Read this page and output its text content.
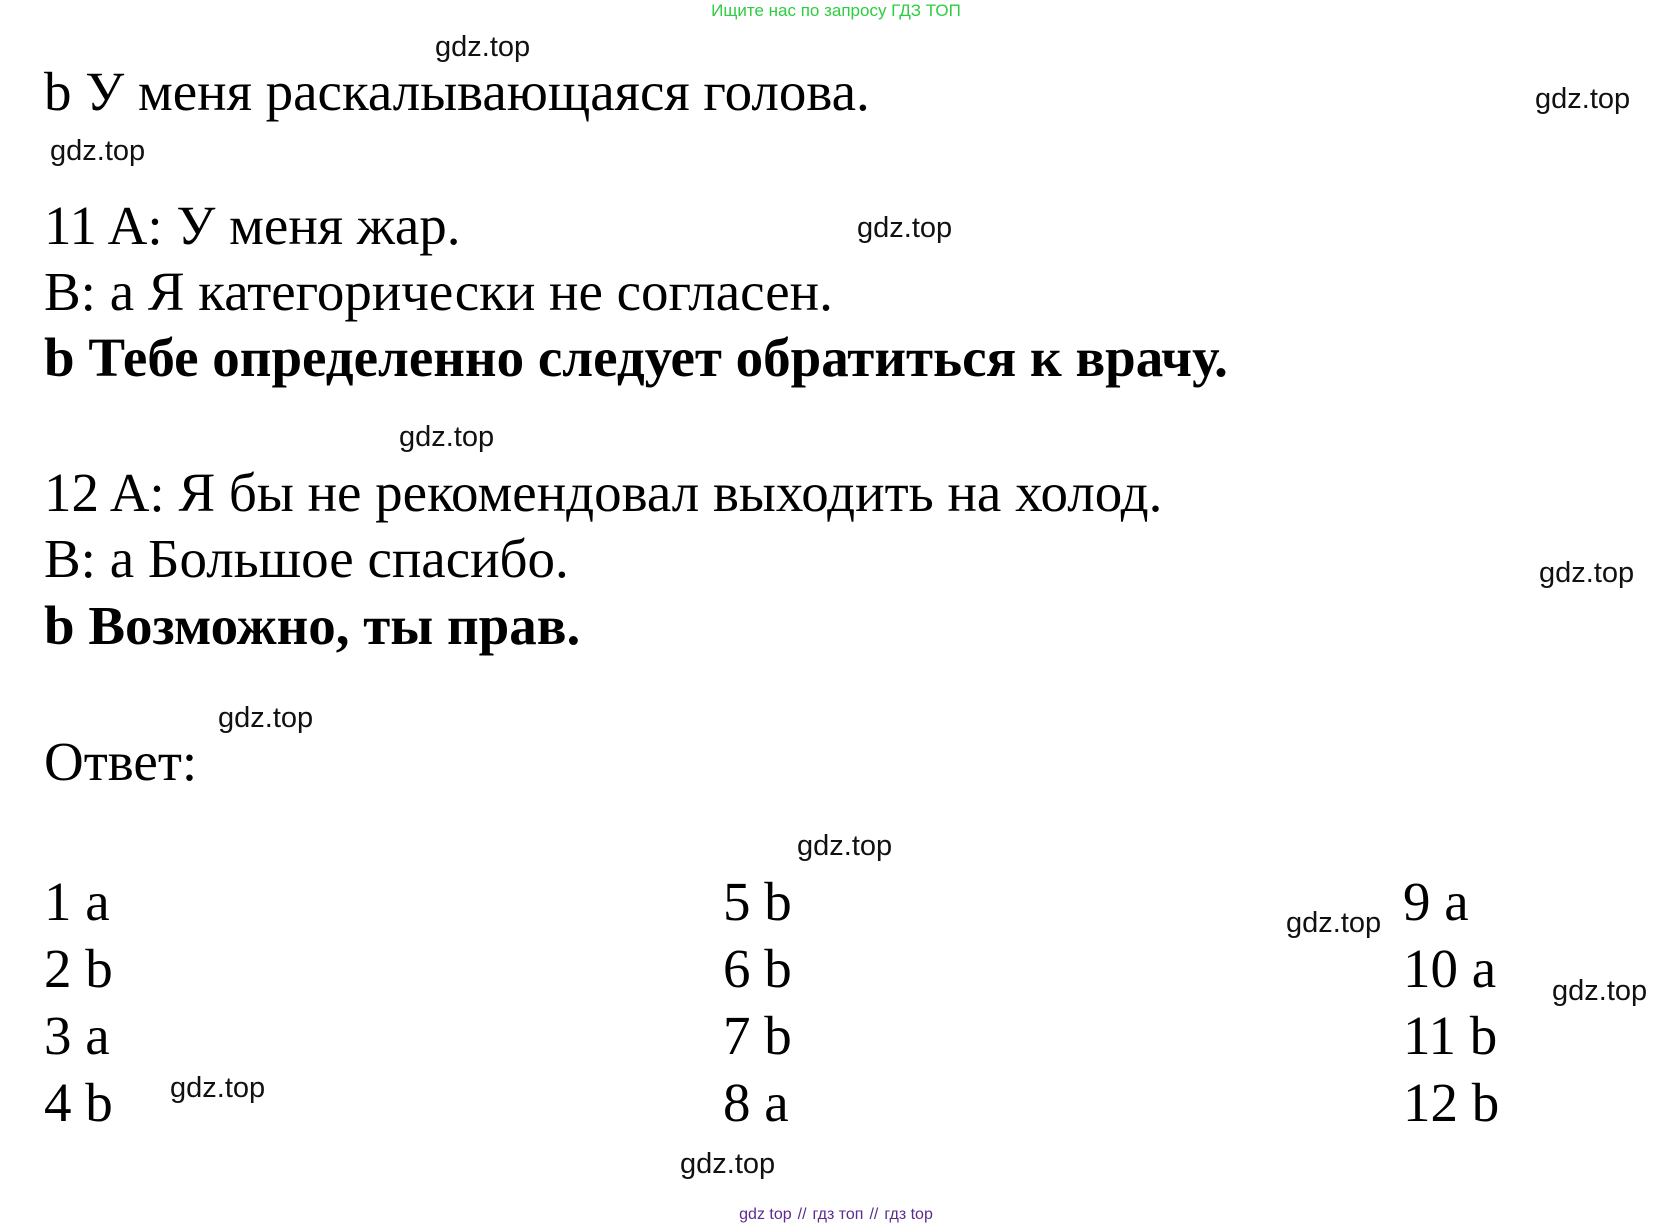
Ищите нас по запросу ГДЗ ТОП
b У меня раскалывающаяся голова.
11 A: У меня жар.
B: a Я категорически не согласен.
b Тебе определенно следует обратиться к врачу.
12 A: Я бы не рекомендовал выходить на холод.
B: a Большое спасибо.
b Возможно, ты прав.
Ответ:
1 a
2 b
3 a
4 b
5 b
6 b
7 b
8 a
9 a
10 a
11 b
12 b
gdz.top
gdz.top
gdz.top
gdz.top
gdz.top
gdz.top
gdz.top
gdz.top
gdz.top
gdz.top
gdz.top
gdz.top
gdz top // гдз топ // гдз top
